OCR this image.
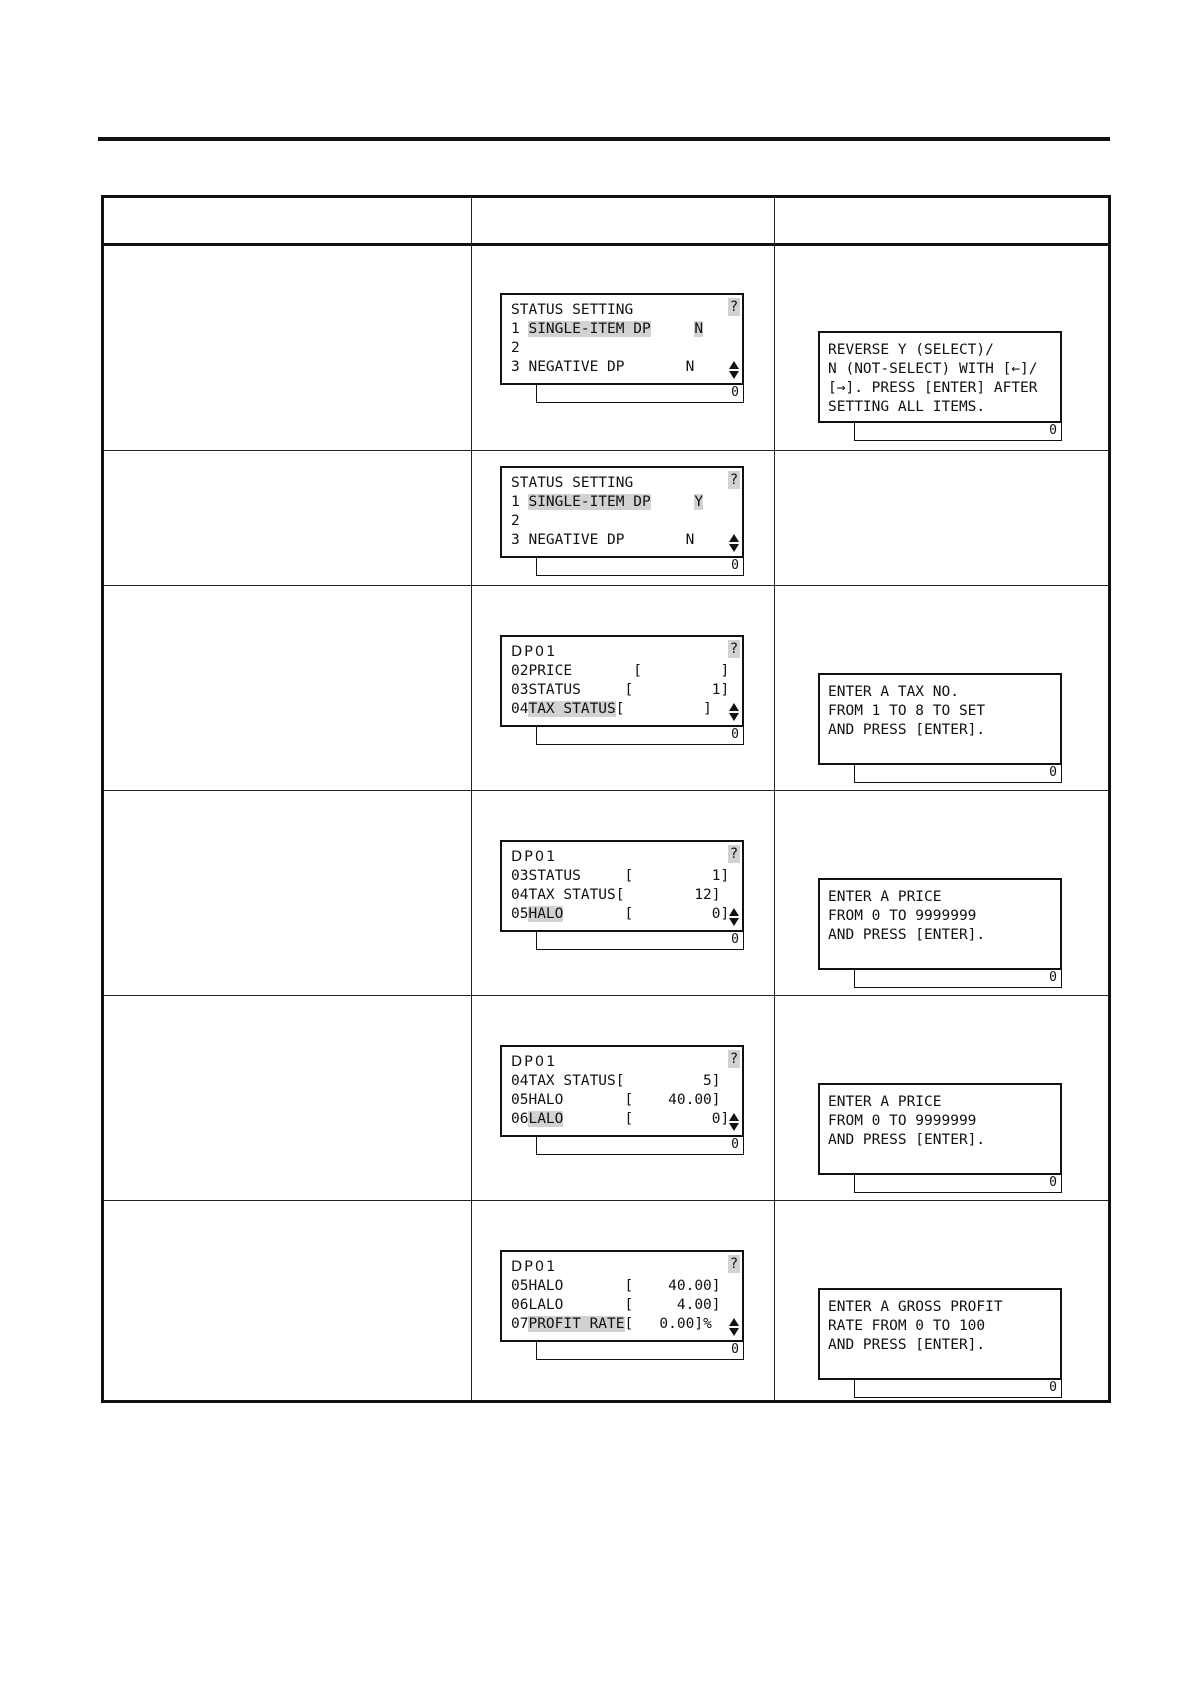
STATUS SETTING	?
1 SINGLE-ITEM DP	N
2
3 NEGATIVE DP       N
0
REVERSE Y (SELECT)/
N (NOT-SELECT) WITH [←]/
[→]. PRESS [ENTER] AFTER
SETTING ALL ITEMS.
0
STATUS SETTING	?
1 SINGLE-ITEM DP	Y
2
3 NEGATIVE DP       N
0
DP01	?
02PRICE       [         ]
03STATUS     [         1]
04TAX STATUS[         ]
0
ENTER A TAX NO.
FROM 1 TO 8 TO SET
AND PRESS [ENTER].
0
DP01	?
03STATUS     [         1]
04TAX STATUS[        12]
05HALO       [         0]
0
ENTER A PRICE
FROM 0 TO 9999999
AND PRESS [ENTER].
0
DP01	?
04TAX STATUS[         5]
05HALO       [    40.00]
06LALO       [         0]
0
ENTER A PRICE
FROM 0 TO 9999999
AND PRESS [ENTER].
0
DP01	?
05HALO       [    40.00]
06LALO       [     4.00]
07PROFIT RATE[   0.00]%
0
ENTER A GROSS PROFIT
RATE FROM 0 TO 100
AND PRESS [ENTER].
0
